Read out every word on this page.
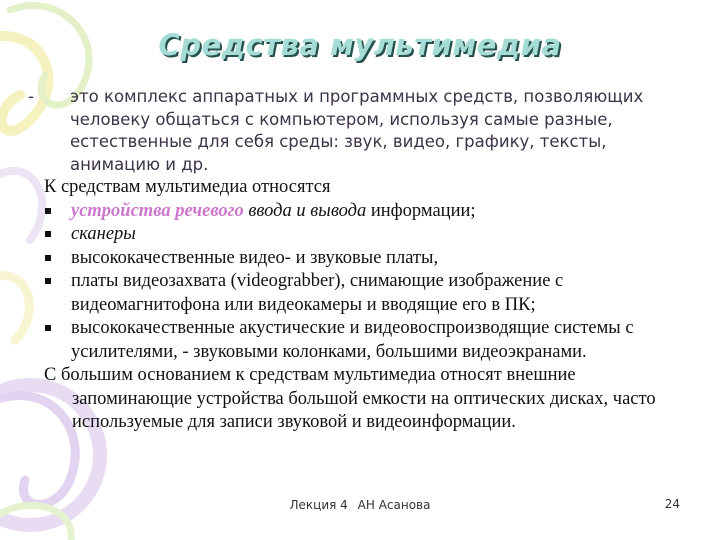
Средства мультимедиа
-	это комплекс аппаратных и программных средств, позволяющих человеку общаться с компьютером, используя самые разные, естественные для себя среды: звук, видео, графику, тексты, анимацию и др.

К средствам мультимедиа относятся

устройства речевого ввода и вывода информации;
сканеры
высококачественные видео- и звуковые платы,
платы видеозахвата (videograbber), снимающие изображение с видеомагнитофона или видеокамеры и вводящие его в ПК;
высококачественные акустические и видеовоспроизводящие системы с усилителями, - звуковыми колонками, большими видеоэкранами.

С большим основанием к средствам мультимедиа относят внешние запоминающие устройства большой емкости на оптических дисках, часто используемые для записи звуковой и видеоинформации.

Лекция 4 АН Асанова	24
